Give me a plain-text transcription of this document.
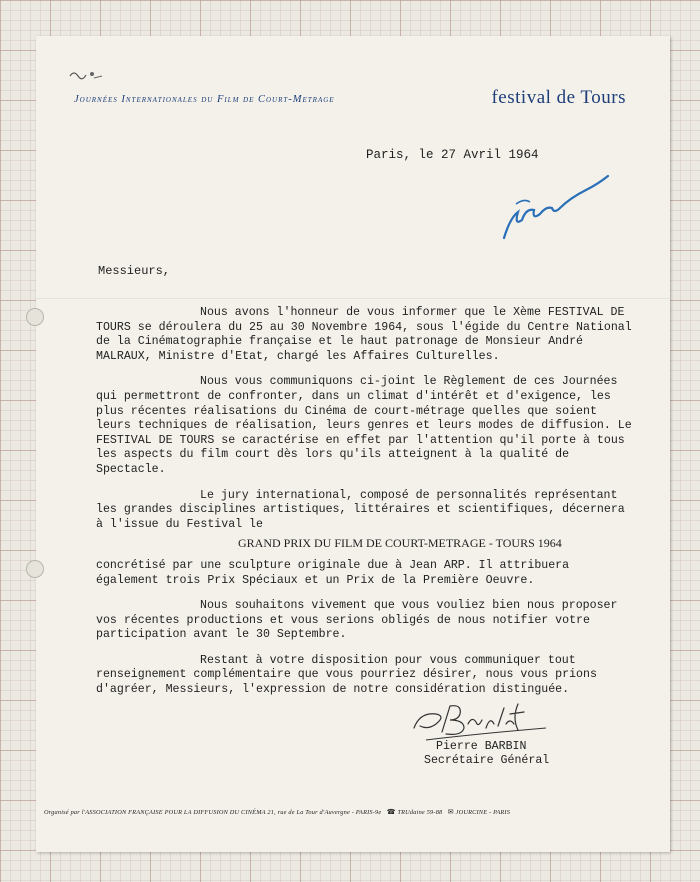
Journées Internationales du Film de Court-Metrage	festival de Tours
Paris, le 27 Avril 1964
Messieurs,

Nous avons l'honneur de vous informer que le Xème FESTIVAL DE TOURS se déroulera du 25 au 30 Novembre 1964, sous l'égide du Centre National de la Cinématographie française et le haut patronage de Monsieur André MALRAUX, Ministre d'Etat, chargé les Affaires Culturelles.

Nous vous communiquons ci-joint le Règlement de ces Journées qui permettront de confronter, dans un climat d'intérêt et d'exigence, les plus récentes réalisations du Cinéma de court-métrage quelles que soient leurs techniques de réalisation, leurs genres et leurs modes de diffusion. Le FESTIVAL DE TOURS se caractérise en effet par l'attention qu'il porte à tous les aspects du film court dès lors qu'ils atteignent à la qualité de Spectacle.

Le jury international, composé de personnalités représentant les grandes disciplines artistiques, littéraires et scientifiques, décernera à l'issue du Festival le

GRAND PRIX DU FILM DE COURT-METRAGE - TOURS 1964

concrétisé par une sculpture originale due à Jean ARP. Il attribuera également trois Prix Spéciaux et un Prix de la Première Oeuvre.

Nous souhaitons vivement que vous vouliez bien nous proposer vos récentes productions et vous serions obligés de nous notifier votre participation avant le 30 Septembre.

Restant à votre disposition pour vous communiquer tout renseignement complémentaire que vous pourriez désirer, nous vous prions d'agréer, Messieurs, l'expression de notre considération distinguée.

Pierre BARBIN
Secrétaire Général
Organisé par l'ASSOCIATION FRANÇAISE POUR LA DIFFUSION DU CINÉMA 21, rue de La Tour d'Auvergne - PARIS-9e ☎ TRUdaine 59-88 ✉ JOURCINE - PARIS
